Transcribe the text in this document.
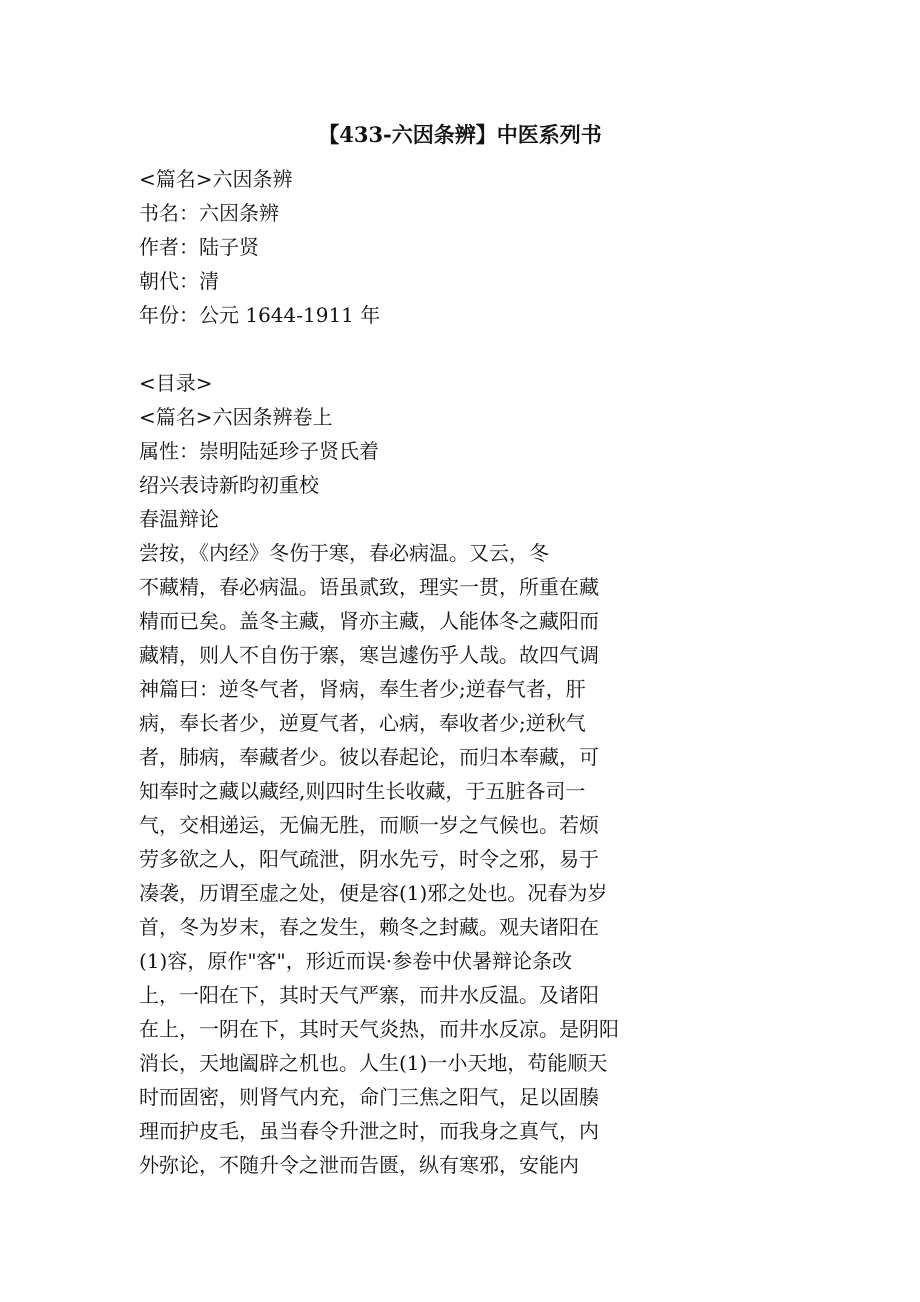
【433-六因条辨】中医系列书
<篇名>六因条辨
书名：六因条辨
作者：陆子贤
朝代：清
年份：公元 1644-1911 年
<目录>
<篇名>六因条辨卷上
属性：崇明陆延珍子贤氏着
绍兴表诗新昀初重校
春温辩论
尝按，《内经》冬伤于寒，春必病温。又云，冬
不藏精，春必病温。语虽贰致，理实一贯，所重在藏
精而已矣。盖冬主藏，肾亦主藏，人能体冬之藏阳而
藏精，则人不自伤于寨，寒岂遽伤乎人哉。故四气调
神篇曰：逆冬气者，肾病，奉生者少;逆春气者，肝
病，奉长者少，逆夏气者，心病，奉收者少;逆秋气
者，肺病，奉藏者少。彼以春起论，而归本奉藏，可
知奉时之藏以藏经,则四时生长收藏，于五脏各司一
气，交相递运，无偏无胜，而顺一岁之气候也。若烦
劳多欲之人，阳气疏泄，阴水先亏，时令之邪，易于
凑袭，历谓至虚之处，便是容(1)邪之处也。况春为岁
首，冬为岁末，春之发生，赖冬之封藏。观夫诸阳在
(1)容，原作"客"，形近而误·参卷中伏暑辩论条改
上，一阳在下，其时天气严寨，而井水反温。及诸阳
在上，一阴在下，其时天气炎热，而井水反凉。是阴阳
消长，天地阖辟之机也。人生(1)一小天地，苟能顺天
时而固密，则肾气内充，命门三焦之阳气，足以固腠
理而护皮毛，虽当春令升泄之时，而我身之真气，内
外弥论，不随升令之泄而告匮，纵有寒邪，安能内
